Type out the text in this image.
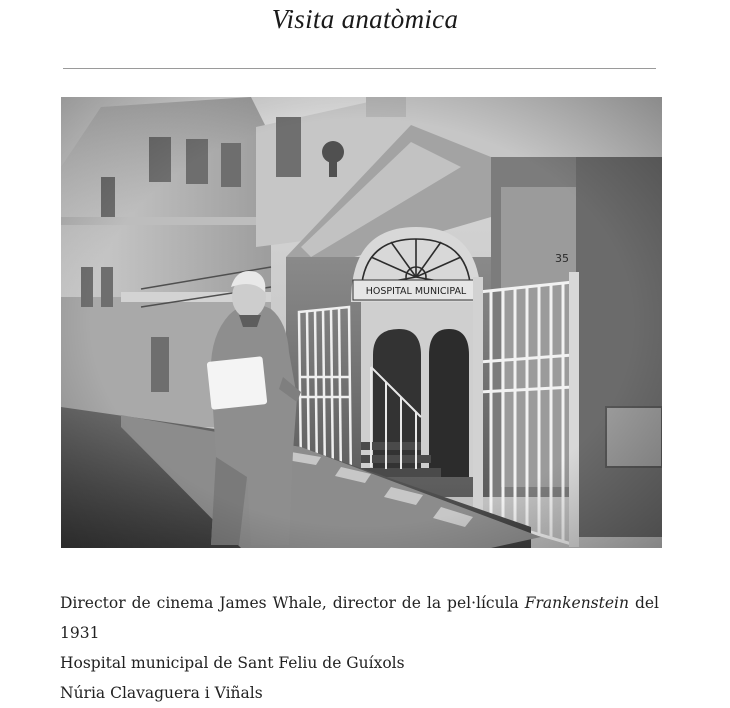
Visita anatòmica

Director de cinema James Whale, director de la pel·lícula Frankenstein del

1931

Hospital municipal de Sant Feliu de Guíxols

Núria Clavaguera i Viñals
